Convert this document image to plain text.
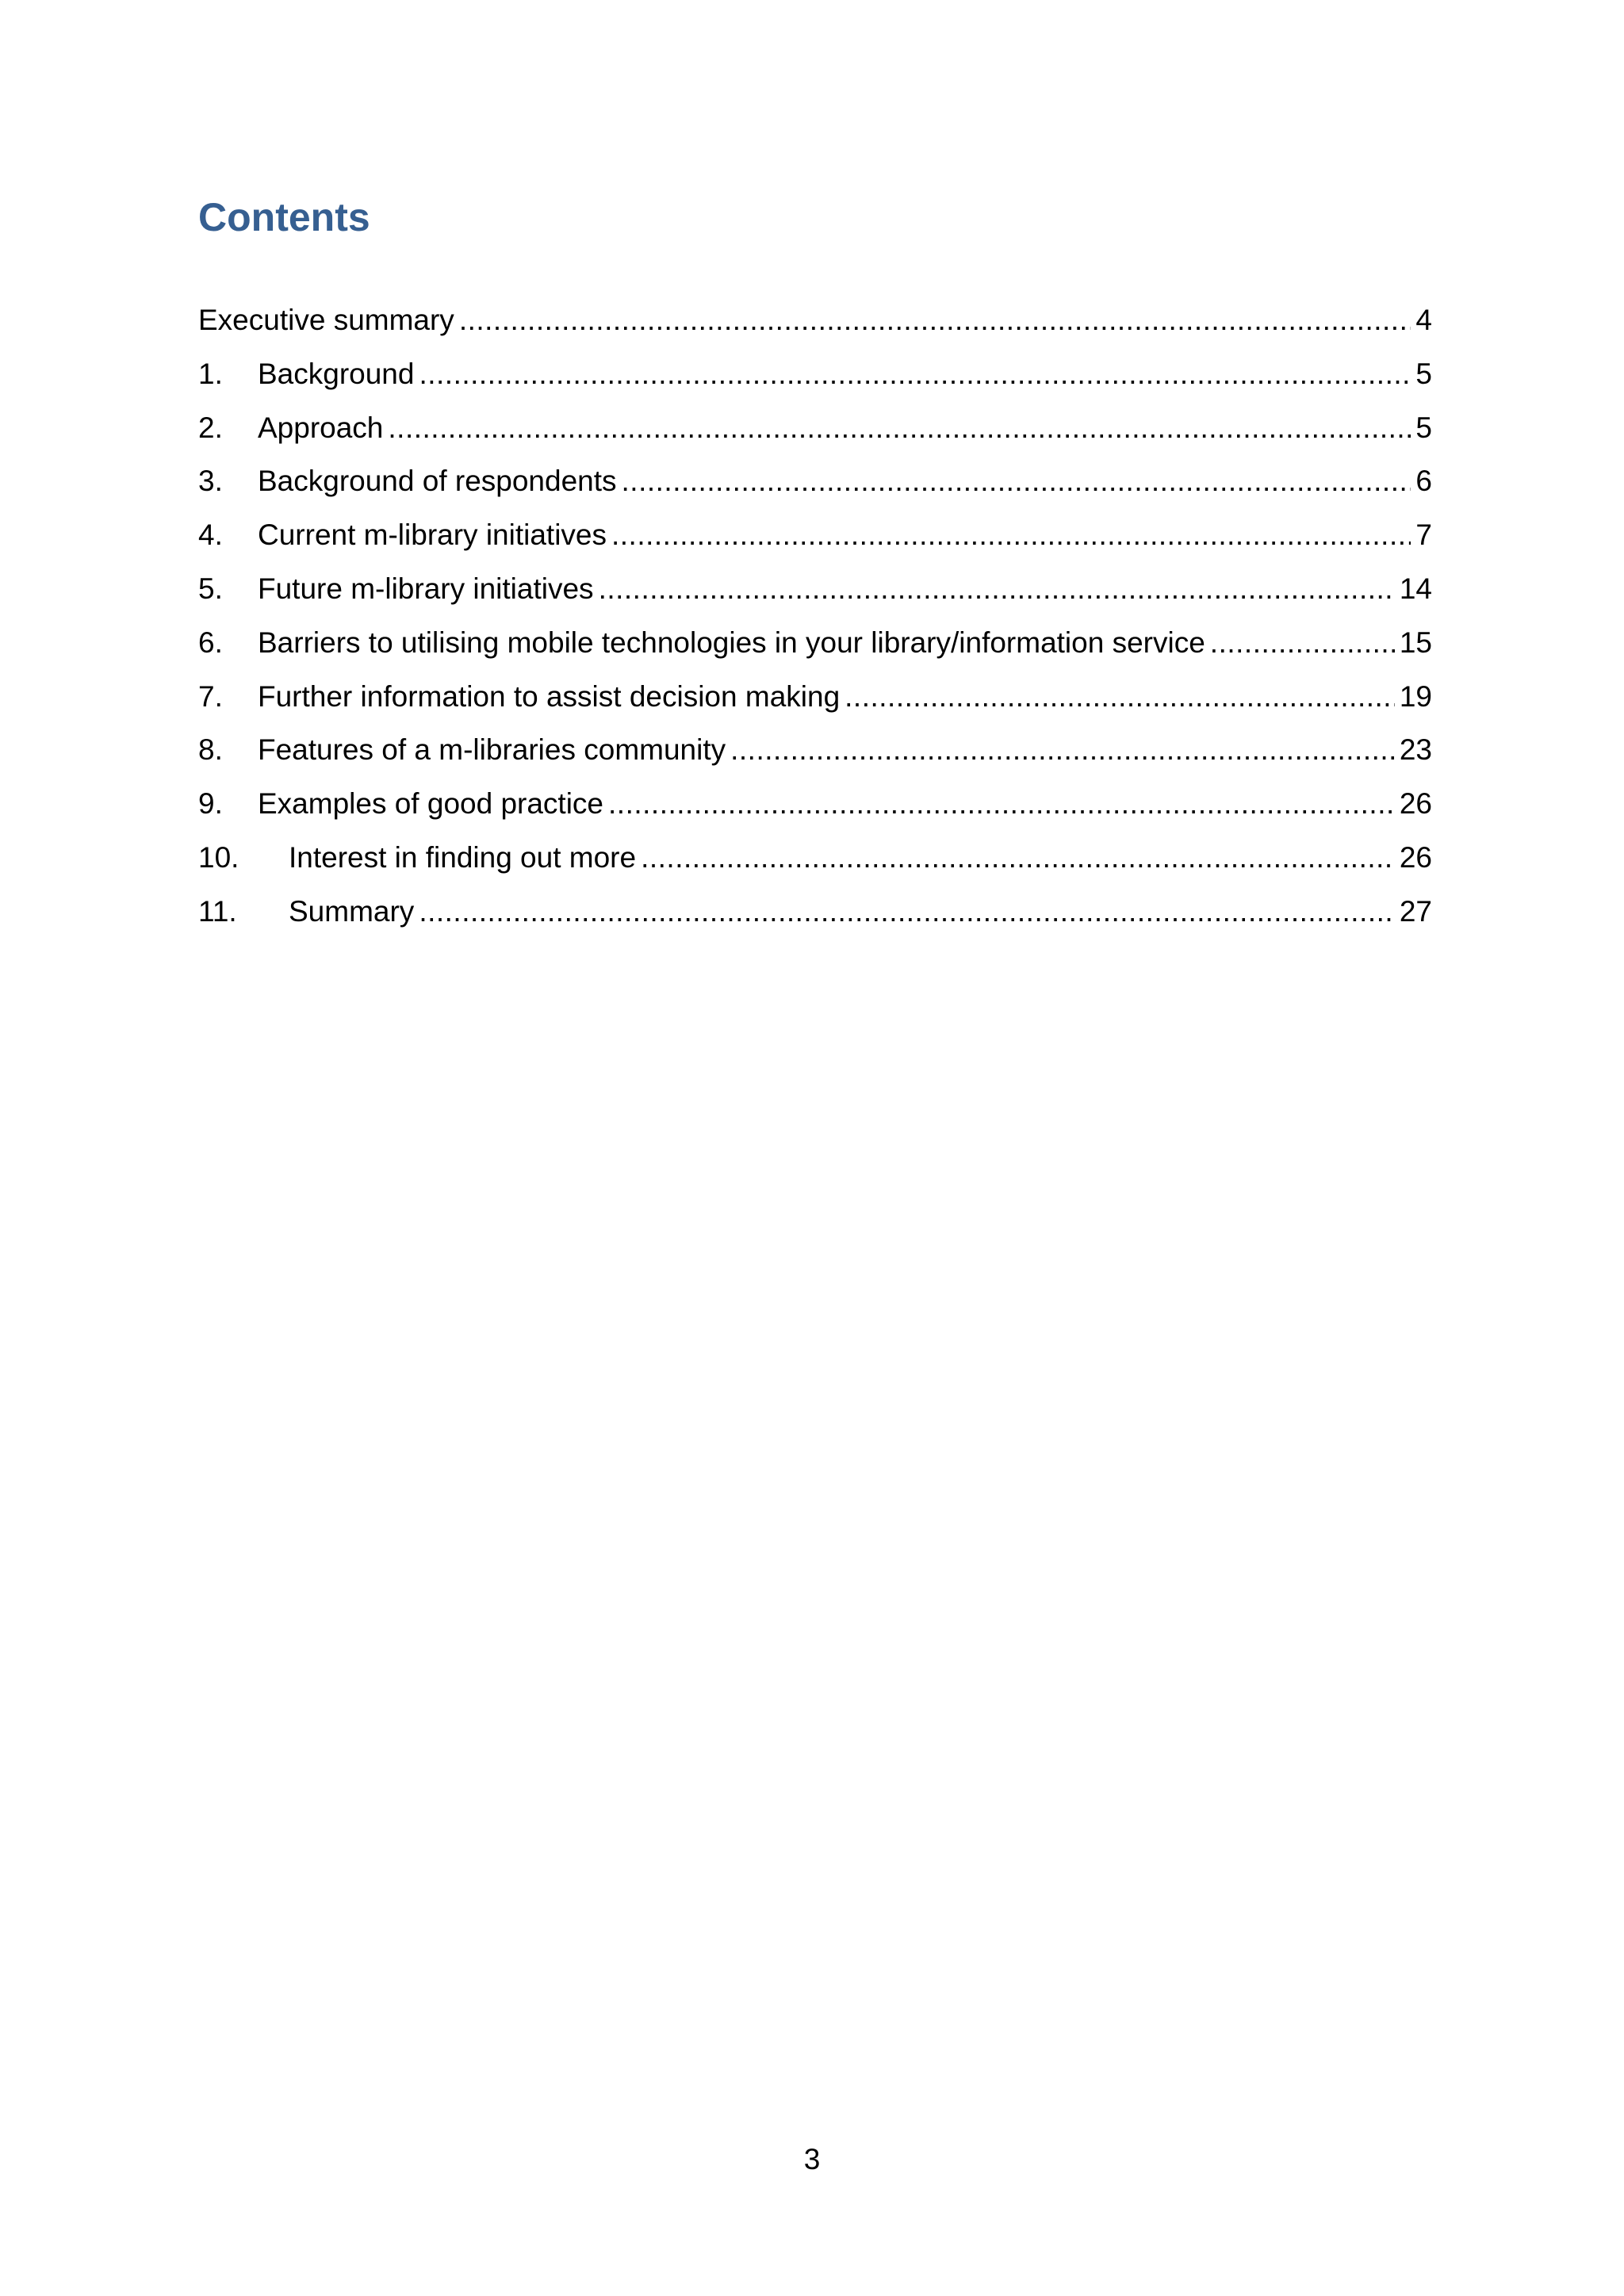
Contents
Executive summary .....	4
1.	Background .....	5
2.	Approach .....	5
3.	Background of respondents .....	6
4.	Current m-library initiatives .....	7
5.	Future m-library initiatives .....	14
6.	Barriers to utilising mobile technologies in your library/information service .....	15
7.	Further information to assist decision making .....	19
8.	Features of a m-libraries community .....	23
9.	Examples of good practice .....	26
10.	Interest in finding out more .....	26
11.	Summary .....	27
3
